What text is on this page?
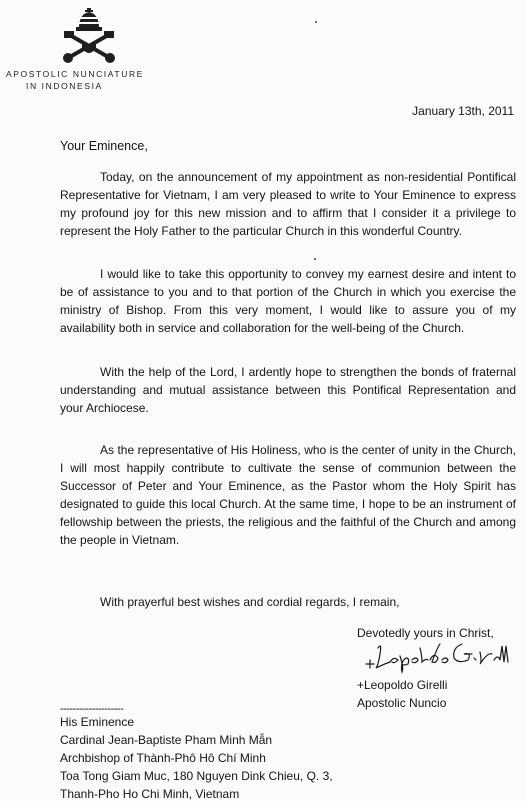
APOSTOLIC NUNCIATURE
IN INDONESIA
January 13th, 2011
Your Eminence,

Today, on the announcement of my appointment as non-residential Pontifical Representative for Vietnam, I am very pleased to write to Your Eminence to express my profound joy for this new mission and to affirm that I consider it a privilege to represent the Holy Father to the particular Church in this wonderful Country.

I would like to take this opportunity to convey my earnest desire and intent to be of assistance to you and to that portion of the Church in which you exercise the ministry of Bishop. From this very moment, I would like to assure you of my availability both in service and collaboration for the well-being of the Church.

With the help of the Lord, I ardently hope to strengthen the bonds of fraternal understanding and mutual assistance between this Pontifical Representation and your Archiocese.

As the representative of His Holiness, who is the center of unity in the Church, I will most happily contribute to cultivate the sense of communion between the Successor of Peter and Your Eminence, as the Pastor whom the Holy Spirit has designated to guide this local Church. At the same time, I hope to be an instrument of fellowship between the priests, the religious and the faithful of the Church and among the people in Vietnam.

With prayerful best wishes and cordial regards, I remain,
Devotedly yours in Christ,
+Leopoldo Girelli
Apostolic Nuncio
--------------------
His Eminence
Cardinal Jean-Baptiste Pham Minh Mẫn
Archbishop of Thành-Phô Hô Chí Minh
Toa Tong Giam Muc, 180 Nguyen Dink Chieu, Q. 3,
Thanh-Pho Ho Chi Minh, Vietnam
